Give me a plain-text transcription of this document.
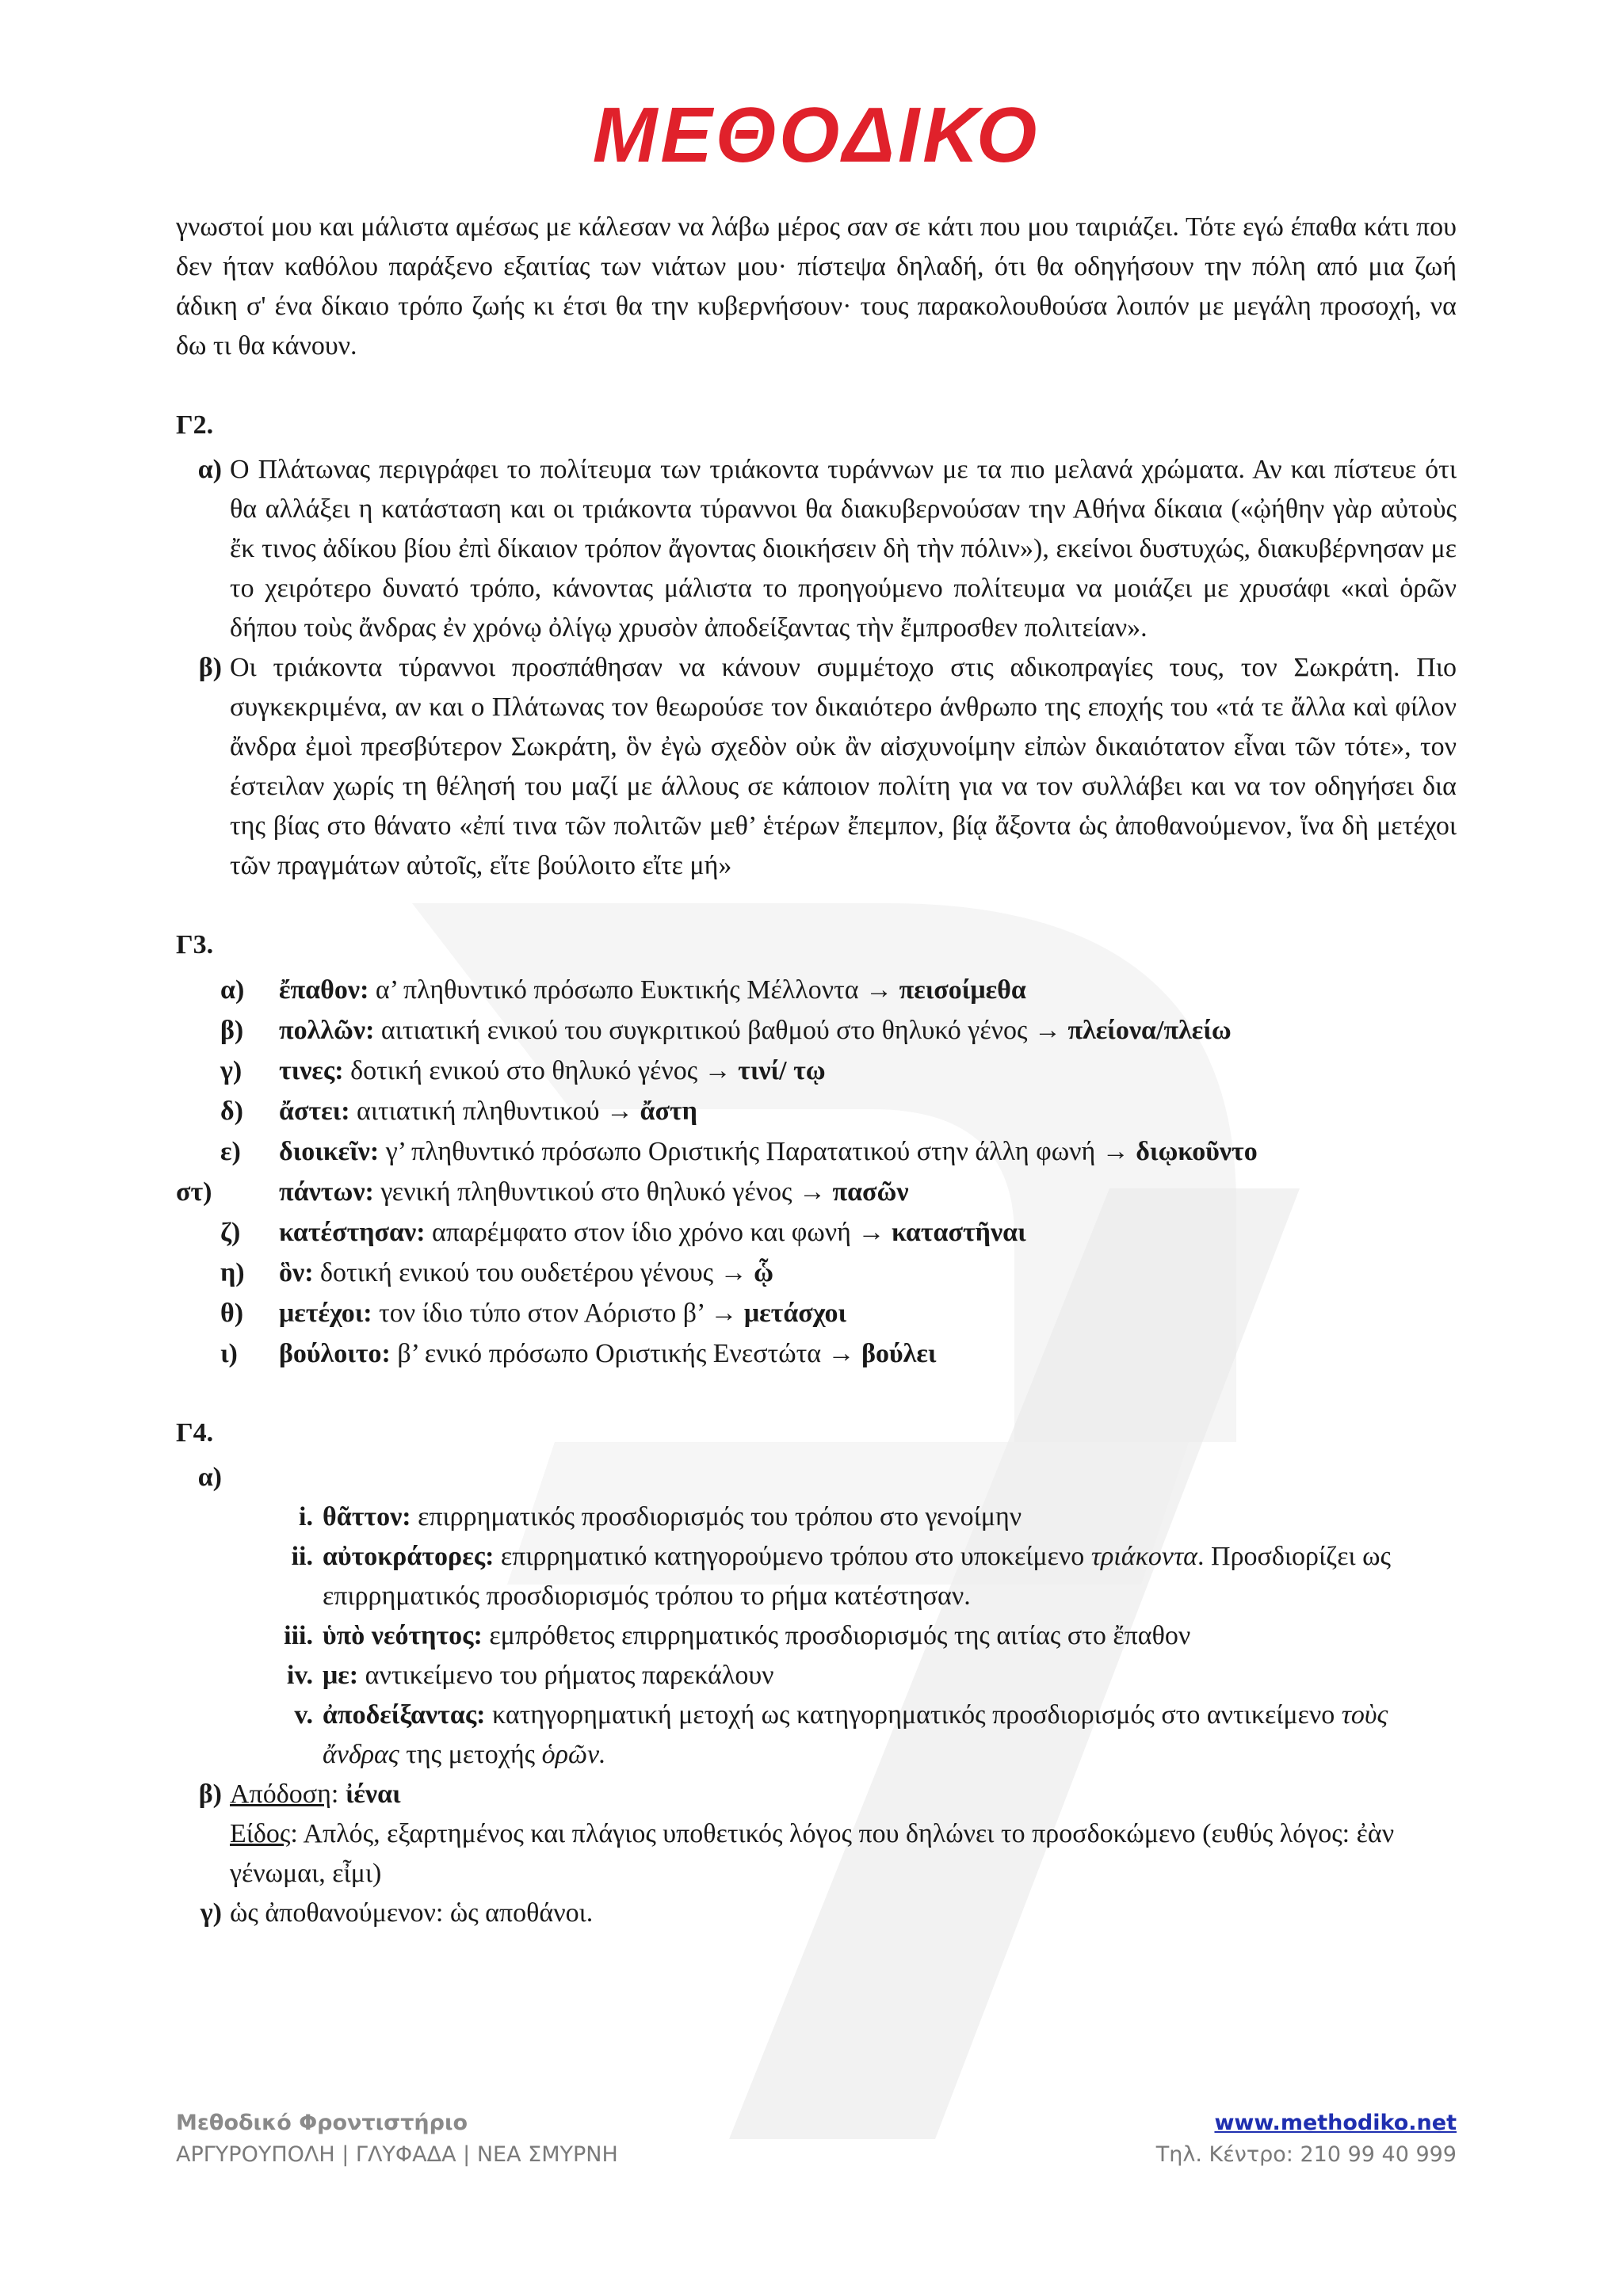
ΜΕΘΟΔΙΚΟ

γνωστοί μου και μάλιστα αμέσως με κάλεσαν να λάβω μέρος σαν σε κάτι που μου ταιριάζει. Τότε εγώ έπαθα κάτι που δεν ήταν καθόλου παράξενο εξαιτίας των νιάτων μου· πίστεψα δηλαδή, ότι θα οδηγήσουν την πόλη από μια ζωή άδικη σ' ένα δίκαιο τρόπο ζωής κι έτσι θα την κυβερνήσουν· τους παρακολουθούσα λοιπόν με μεγάλη προσοχή, να δω τι θα κάνουν.

Γ2.

α) Ο Πλάτωνας περιγράφει το πολίτευμα των τριάκοντα τυράννων με τα πιο μελανά χρώματα. Αν και πίστευε ότι θα αλλάξει η κατάσταση και οι τριάκοντα τύραννοι θα διακυβερνούσαν την Αθήνα δίκαια («ᾠήθην γὰρ αὐτοὺς ἔκ τινος ἀδίκου βίου ἐπὶ δίκαιον τρόπον ἄγοντας διοικήσειν δὴ τὴν πόλιν»), εκείνοι δυστυχώς, διακυβέρνησαν με το χειρότερο δυνατό τρόπο, κάνοντας μάλιστα το προηγούμενο πολίτευμα να μοιάζει με χρυσάφι «καὶ ὁρῶν δήπου τοὺς ἄνδρας ἐν χρόνῳ ὀλίγῳ χρυσὸν ἀποδείξαντας τὴν ἔμπροσθεν πολιτείαν».

β) Οι τριάκοντα τύραννοι προσπάθησαν να κάνουν συμμέτοχο στις αδικοπραγίες τους, τον Σωκράτη. Πιο συγκεκριμένα, αν και ο Πλάτωνας τον θεωρούσε τον δικαιότερο άνθρωπο της εποχής του «τά τε ἄλλα καὶ φίλον ἄνδρα ἐμοὶ πρεσβύτερον Σωκράτη, ὃν ἐγὼ σχεδὸν οὐκ ἂν αἰσχυνοίμην εἰπὼν δικαιότατον εἶναι τῶν τότε», τον έστειλαν χωρίς τη θέλησή του μαζί με άλλους σε κάποιον πολίτη για να τον συλλάβει και να τον οδηγήσει δια της βίας στο θάνατο «ἐπί τινα τῶν πολιτῶν μεθ’ ἑτέρων ἔπεμπον, βίᾳ ἄξοντα ὡς ἀποθανούμενον, ἵνα δὴ μετέχοι τῶν πραγμάτων αὐτοῖς, εἴτε βούλοιτο εἴτε μή»

Γ3.

α)	ἔπαθον: α’ πληθυντικό πρόσωπο Ευκτικής Μέλλοντα → πεισοίμεθα
β)	πολλῶν: αιτιατική ενικού του συγκριτικού βαθμού στο θηλυκό γένος → πλείονα/πλείω
γ)	τινες: δοτική ενικού στο θηλυκό γένος → τινί/ τῳ
δ)	ἄστει: αιτιατική πληθυντικού → ἄστη
ε)	διοικεῖν: γ’ πληθυντικό πρόσωπο Οριστικής Παρατατικού στην άλλη φωνή → διῳκοῦντο
στ)	πάντων: γενική πληθυντικού στο θηλυκό γένος → πασῶν
ζ)	κατέστησαν: απαρέμφατο στον ίδιο χρόνο και φωνή → καταστῆναι
η)	ὃν: δοτική ενικού του ουδετέρου γένους → ᾧ
θ)	μετέχοι: τον ίδιο τύπο στον Αόριστο β’ → μετάσχοι
ι)	βούλοιτο: β’ ενικό πρόσωπο Οριστικής Ενεστώτα → βούλει

Γ4.

α)
i. θᾶττον: επιρρηματικός προσδιορισμός του τρόπου στο γενοίμην
ii. αὐτοκράτορες: επιρρηματικό κατηγορούμενο τρόπου στο υποκείμενο τριάκοντα. Προσδιορίζει ως επιρρηματικός προσδιορισμός τρόπου το ρήμα κατέστησαν.
iii. ὑπὸ νεότητος: εμπρόθετος επιρρηματικός προσδιορισμός της αιτίας στο ἔπαθον
iv. με: αντικείμενο του ρήματος παρεκάλουν
v. ἀποδείξαντας: κατηγορηματική μετοχή ως κατηγορηματικός προσδιορισμός στο αντικείμενο τοὺς ἄνδρας της μετοχής ὁρῶν.
β) Απόδοση: ἰέναι

Είδος: Απλός, εξαρτημένος και πλάγιος υποθετικός λόγος που δηλώνει το προσδοκώμενο (ευθύς λόγος: ἐὰν γένωμαι, εἶμι)

γ) ὡς ἀποθανούμενον: ὡς αποθάνοι.

Μεθοδικό Φροντιστήριο	www.methodiko.net
ΑΡΓΥΡΟΥΠΟΛΗ | ΓΛΥΦΑΔΑ | ΝΕΑ ΣΜΥΡΝΗ	Τηλ. Κέντρο: 210 99 40 999
